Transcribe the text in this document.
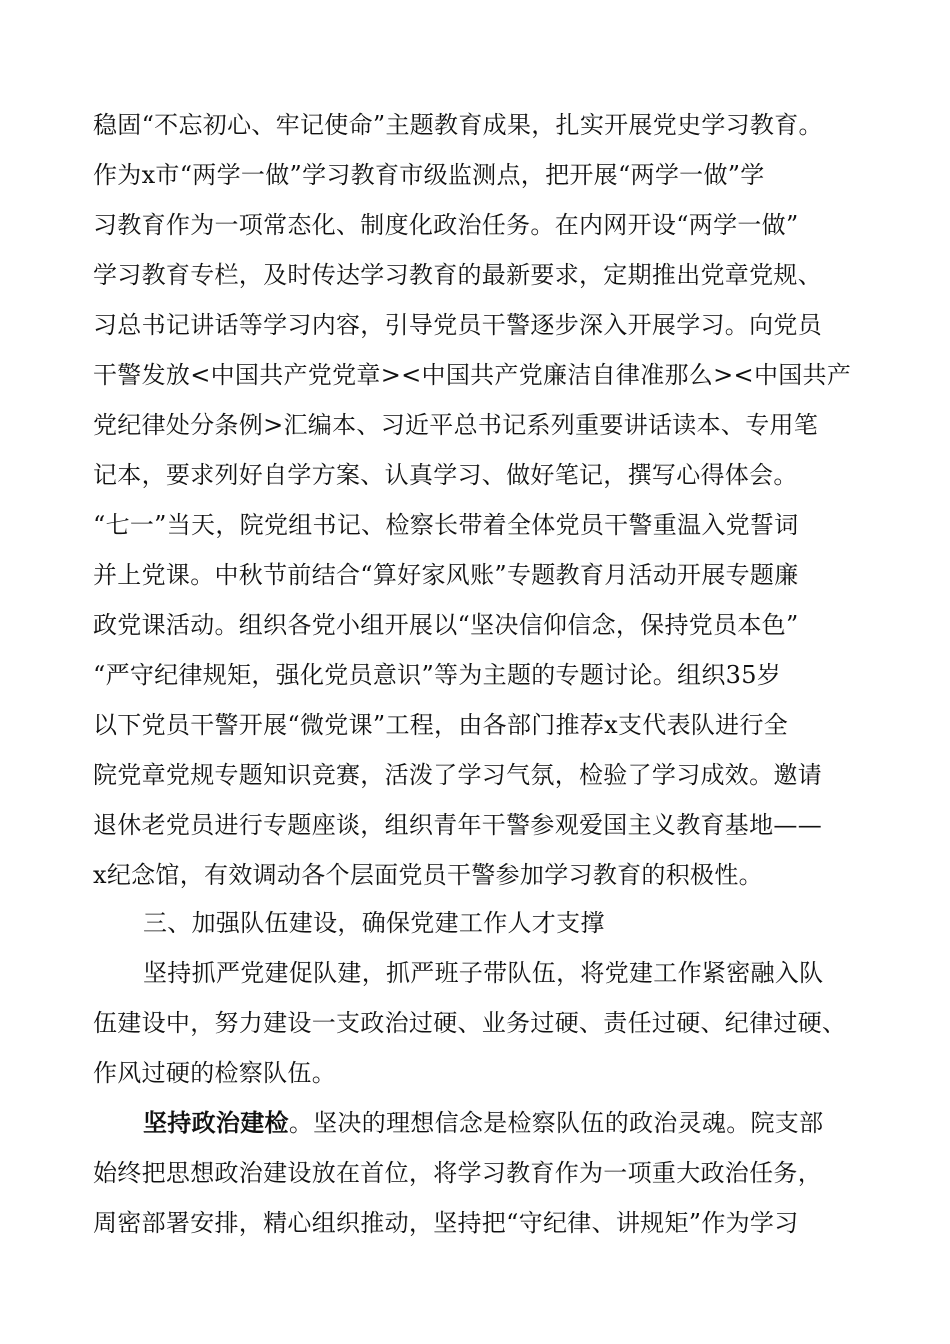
稳固“不忘初心、牢记使命”主题教育成果，扎实开展党史学习教育。
作为x市“两学一做”学习教育市级监测点，把开展“两学一做”学
习教育作为一项常态化、制度化政治任务。在内网开设“两学一做”
学习教育专栏，及时传达学习教育的最新要求，定期推出党章党规、
习总书记讲话等学习内容，引导党员干警逐步深入开展学习。向党员
干警发放<中国共产党党章><中国共产党廉洁自律准那么><中国共产
党纪律处分条例>汇编本、习近平总书记系列重要讲话读本、专用笔
记本，要求列好自学方案、认真学习、做好笔记，撰写心得体会。
“七一”当天，院党组书记、检察长带着全体党员干警重温入党誓词
并上党课。中秋节前结合“算好家风账”专题教育月活动开展专题廉
政党课活动。组织各党小组开展以“坚决信仰信念，保持党员本色”
“严守纪律规矩，强化党员意识”等为主题的专题讨论。组织35岁
以下党员干警开展“微党课”工程，由各部门推荐x支代表队进行全
院党章党规专题知识竞赛，活泼了学习气氛，检验了学习成效。邀请
退休老党员进行专题座谈，组织青年干警参观爱国主义教育基地——
x纪念馆，有效调动各个层面党员干警参加学习教育的积极性。
三、加强队伍建设，确保党建工作人才支撑
坚持抓严党建促队建，抓严班子带队伍，将党建工作紧密融入队
伍建设中，努力建设一支政治过硬、业务过硬、责任过硬、纪律过硬、
作风过硬的检察队伍。
坚持政治建检。坚决的理想信念是检察队伍的政治灵魂。院支部
始终把思想政治建设放在首位，将学习教育作为一项重大政治任务，
周密部署安排，精心组织推动，坚持把“守纪律、讲规矩”作为学习
